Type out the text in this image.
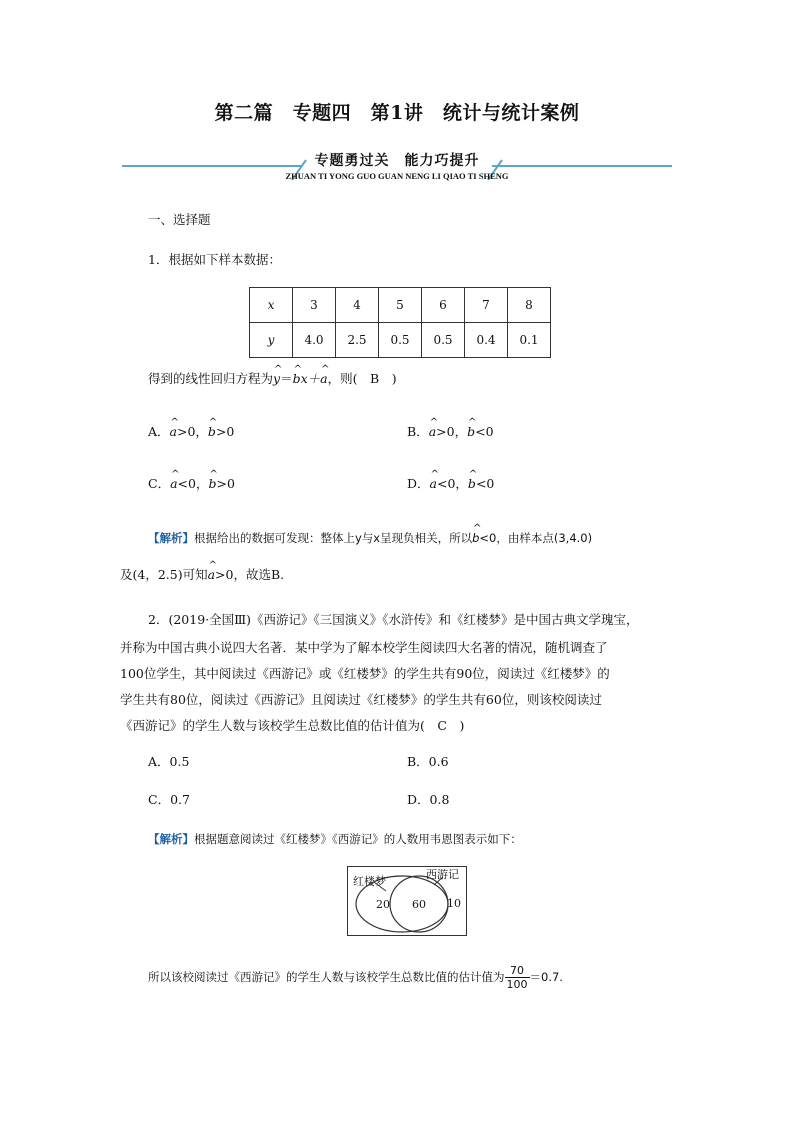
第二篇　专题四　第1讲　统计与统计案例
专题勇过关　能力巧提升
ZHUAN TI YONG GUO GUAN NENG LI QIAO TI SHENG
一、选择题
1．根据如下样本数据：
x	3	4	5	6	7	8
y	4.0	2.5	0.5	0.5	0.4	0.1
得到的线性回归方程为^ y＝^ bx＋^ a，则(　B　)
A．^ a>0，^ b>0	B．^ a>0，^ b<0
C．^ a<0，^ b>0	D．^ a<0，^ b<0
【解析】根据给出的数据可发现：整体上y与x呈现负相关，所以^ b<0，由样本点(3,4.0)
及(4，2.5)可知^ a>0，故选B.
2．(2019·全国Ⅲ)《西游记》《三国演义》《水浒传》和《红楼梦》是中国古典文学瑰宝，
并称为中国古典小说四大名著．某中学为了解本校学生阅读四大名著的情况，随机调查了
100位学生，其中阅读过《西游记》或《红楼梦》的学生共有90位，阅读过《红楼梦》的
学生共有80位，阅读过《西游记》且阅读过《红楼梦》的学生共有60位，则该校阅读过
《西游记》的学生人数与该校学生总数比值的估计值为(　C　)
A．0.5	B．0.6
C．0.7	D．0.8
【解析】根据题意阅读过《红楼梦》《西游记》的人数用韦恩图表示如下：
红楼梦
西游记
20 60 10
所以该校阅读过《西游记》的学生人数与该校学生总数比值的估计值为 $\frac{70}{100} =0.7$.
